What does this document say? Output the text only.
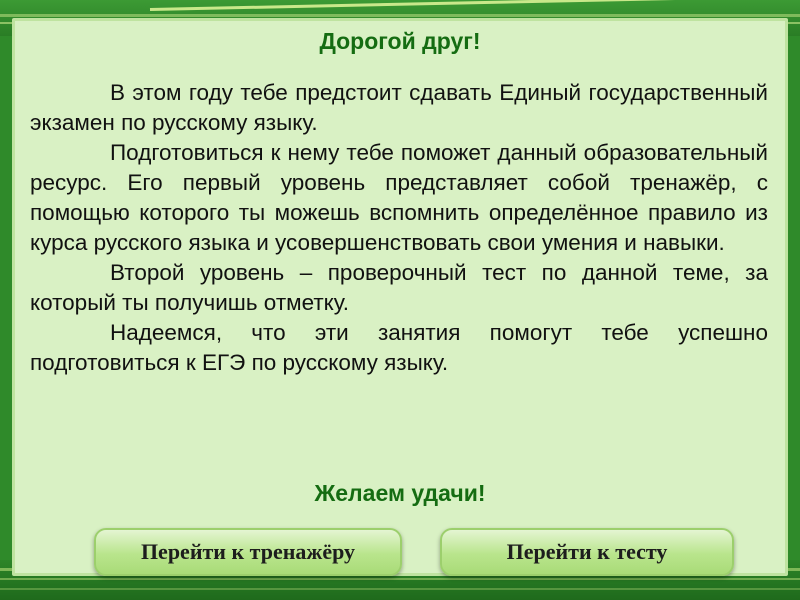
Дорогой друг!

В этом году тебе предстоит сдавать Единый государственный экзамен по русскому языку.

Подготовиться к нему тебе поможет данный образовательный ресурс. Его первый уровень представляет собой тренажёр, с помощью которого ты можешь вспомнить определённое правило из курса русского языка и усовершенствовать свои умения и навыки.

Второй уровень – проверочный тест по данной теме, за который ты получишь отметку.

Надеемся, что эти занятия помогут тебе успешно подготовиться к ЕГЭ по русскому языку.

Желаем удачи!
Перейти к тренажёру	Перейти к тесту
